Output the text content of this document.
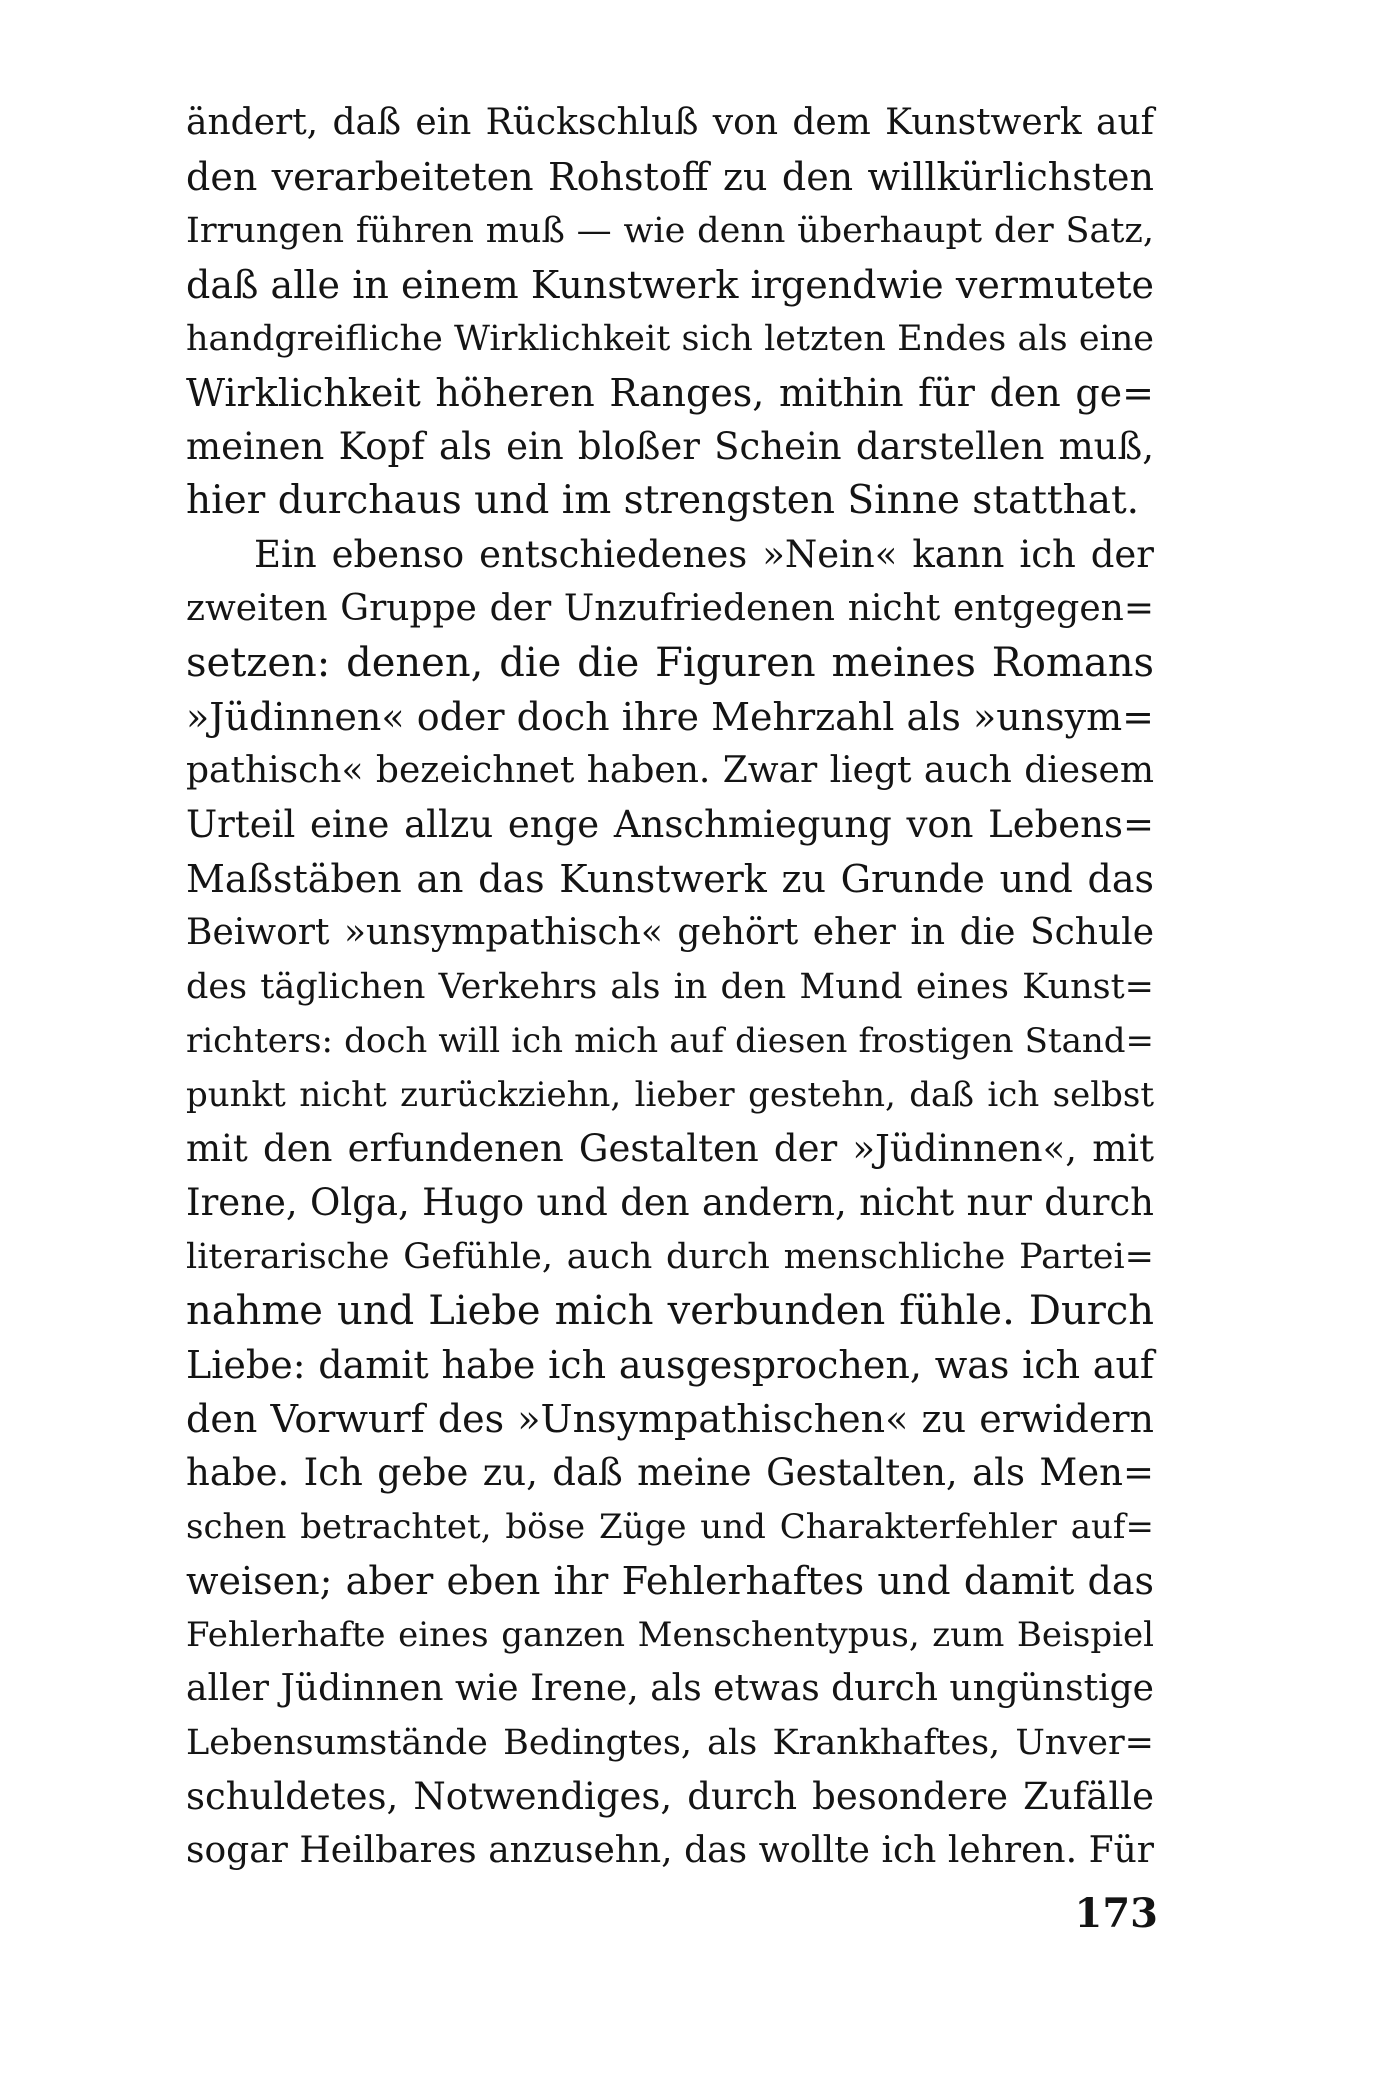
ändert, daß ein Rückschluß von dem Kunstwerk auf
den verarbeiteten Rohstoff zu den willkürlichsten
Irrungen führen muß — wie denn überhaupt der Satz,
daß alle in einem Kunstwerk irgendwie vermutete
handgreifliche Wirklichkeit sich letzten Endes als eine
Wirklichkeit höheren Ranges, mithin für den ge=
meinen Kopf als ein bloßer Schein darstellen muß,
hier durchaus und im strengsten Sinne statthat.
Ein ebenso entschiedenes »Nein« kann ich der
zweiten Gruppe der Unzufriedenen nicht entgegen=
setzen: denen, die die Figuren meines Romans
»Jüdinnen« oder doch ihre Mehrzahl als »unsym=
pathisch« bezeichnet haben. Zwar liegt auch diesem
Urteil eine allzu enge Anschmiegung von Lebens=
Maßstäben an das Kunstwerk zu Grunde und das
Beiwort »unsympathisch« gehört eher in die Schule
des täglichen Verkehrs als in den Mund eines Kunst=
richters: doch will ich mich auf diesen frostigen Stand=
punkt nicht zurückziehn, lieber gestehn, daß ich selbst
mit den erfundenen Gestalten der »Jüdinnen«, mit
Irene, Olga, Hugo und den andern, nicht nur durch
literarische Gefühle, auch durch menschliche Partei=
nahme und Liebe mich verbunden fühle. Durch
Liebe: damit habe ich ausgesprochen, was ich auf
den Vorwurf des »Unsympathischen« zu erwidern
habe. Ich gebe zu, daß meine Gestalten, als Men=
schen betrachtet, böse Züge und Charakterfehler auf=
weisen; aber eben ihr Fehlerhaftes und damit das
Fehlerhafte eines ganzen Menschentypus, zum Beispiel
aller Jüdinnen wie Irene, als etwas durch ungünstige
Lebensumstände Bedingtes, als Krankhaftes, Unver=
schuldetes, Notwendiges, durch besondere Zufälle
sogar Heilbares anzusehn, das wollte ich lehren. Für
173
